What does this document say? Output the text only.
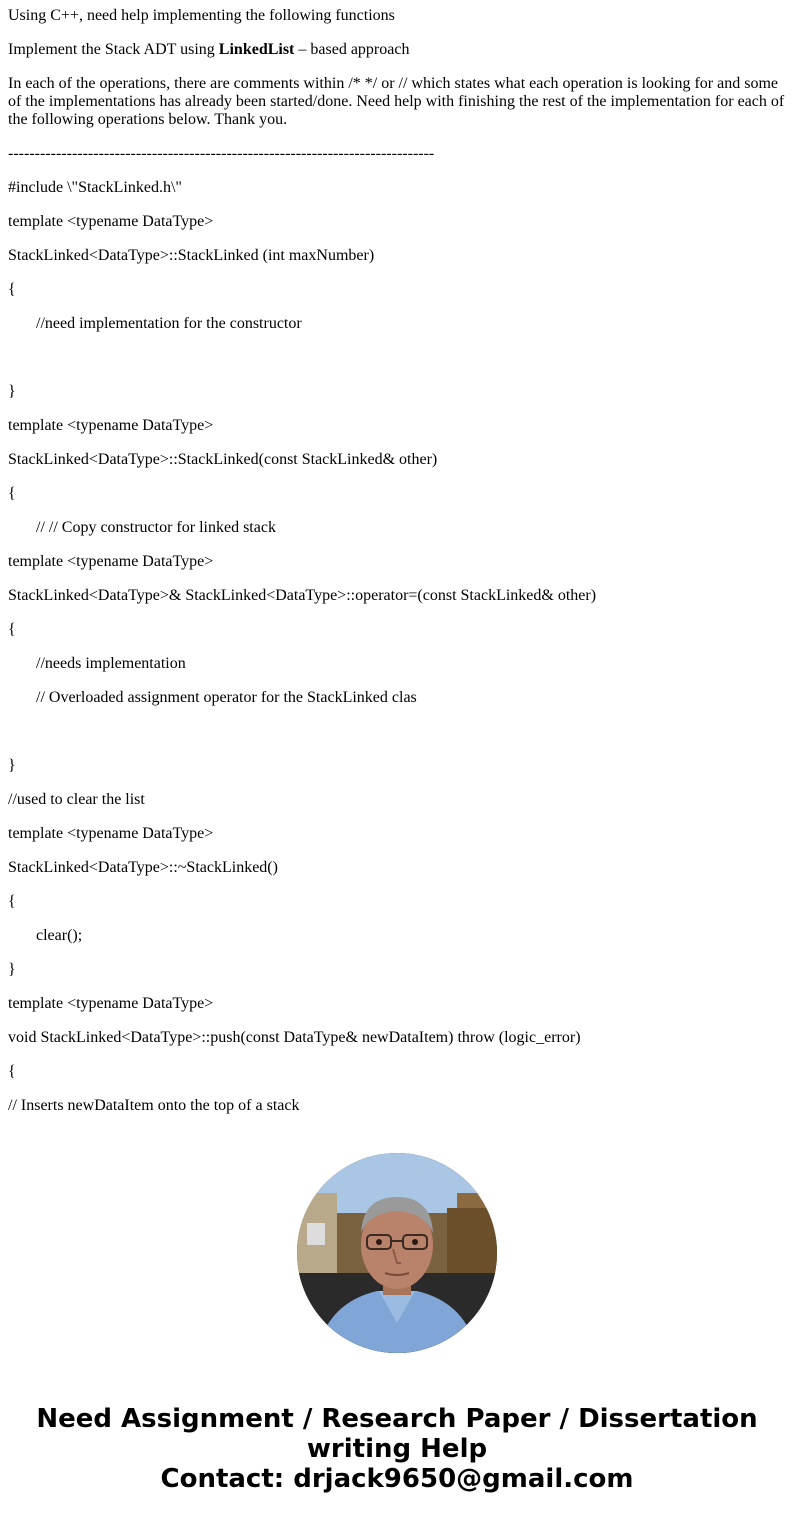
Using C++, need help implementing the following functions

Implement the Stack ADT using LinkedList – based approach

In each of the operations, there are comments within /* */ or // which states what each operation is looking for and some of the implementations has already been started/done. Need help with finishing the rest of the implementation for each of the following operations below. Thank you.

--------------------------------------------------------------------------------

#include \"StackLinked.h\"

template <typename DataType>

StackLinked<DataType>::StackLinked (int maxNumber)

{

//need implementation for the constructor

}

template <typename DataType>

StackLinked<DataType>::StackLinked(const StackLinked& other)

{

// // Copy constructor for linked stack

template <typename DataType>

StackLinked<DataType>& StackLinked<DataType>::operator=(const StackLinked& other)

{

//needs implementation

// Overloaded assignment operator for the StackLinked clas

}

//used to clear the list

template <typename DataType>

StackLinked<DataType>::~StackLinked()

{

clear();

}

template <typename DataType>

void StackLinked<DataType>::push(const DataType& newDataItem) throw (logic_error)

{

// Inserts newDataItem onto the top of a stack

Need Assignment / Research Paper / Dissertation
writing Help
Contact: drjack9650@gmail.com
